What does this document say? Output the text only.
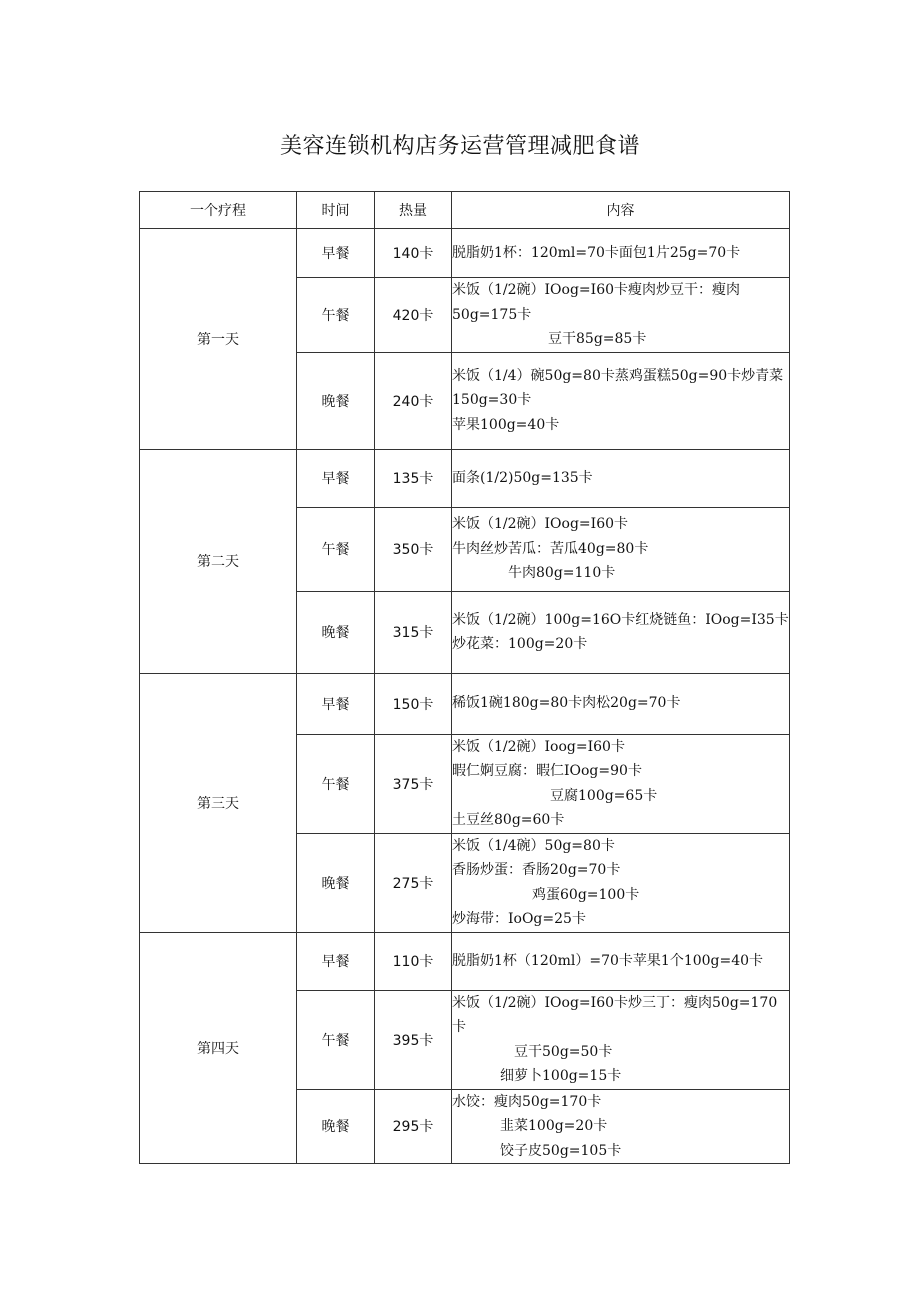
美容连锁机构店务运营管理减肥食谱
一个疗程	时间	热量	内容
第一天	早餐	140卡	脱脂奶1杯：120ml=70卡面包1片25g=70卡

	午餐	420卡	米饭（1/2碗）IOog=I60卡瘦肉炒豆干：瘦肉50g=175卡
豆干85g=85卡

	晚餐	240卡	米饭（1/4）碗50g=80卡蒸鸡蛋糕50g=90卡炒青菜150g=30卡
苹果100g=40卡

第二天	早餐	135卡	面条(1/2)50g=135卡

	午餐	350卡	米饭（1/2碗）IOog=I60卡
牛肉丝炒苦瓜：苦瓜40g=80卡
牛肉80g=110卡

	晚餐	315卡	米饭（1/2碗）100g=16O卡红烧链鱼：IOog=I35卡
炒花菜：100g=20卡

第三天	早餐	150卡	稀饭1碗180g=80卡肉松20g=70卡

	午餐	375卡	米饭（1/2碗）Ioog=I60卡
暇仁婀豆腐：暇仁IOog=90卡
豆腐100g=65卡
土豆丝80g=60卡

	晚餐	275卡	米饭（1/4碗）50g=80卡
香肠炒蛋：香肠20g=70卡
鸡蛋60g=100卡
炒海带：IoOg=25卡

第四天	早餐	110卡	脱脂奶1杯（120ml）=70卡苹果1个100g=40卡

	午餐	395卡	米饭（1/2碗）IOog=I60卡炒三丁：瘦肉50g=170卡
豆干50g=50卡
细萝卜100g=15卡

	晚餐	295卡	水饺：瘦肉50g=170卡
韭菜100g=20卡
饺子皮50g=105卡
